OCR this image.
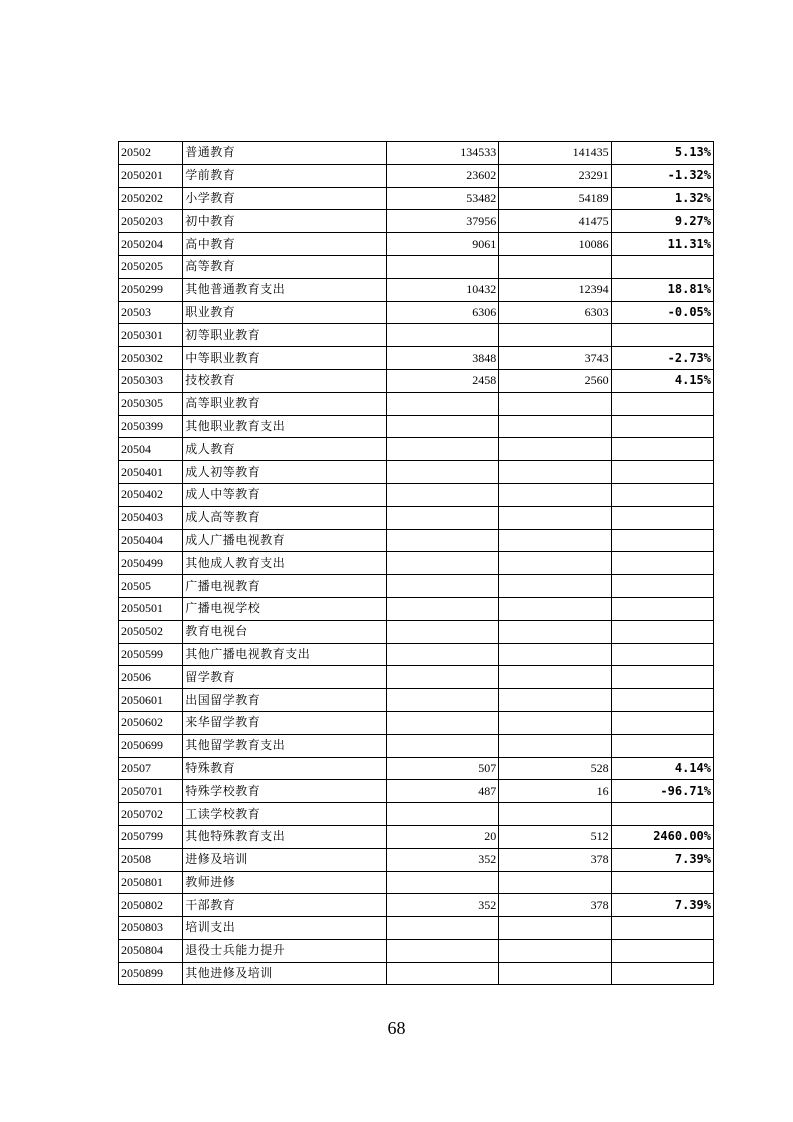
20502	普通教育	134533	141435	5.13%
2050201	学前教育	23602	23291	-1.32%
2050202	小学教育	53482	54189	1.32%
2050203	初中教育	37956	41475	9.27%
2050204	高中教育	9061	10086	11.31%
2050205	高等教育			
2050299	其他普通教育支出	10432	12394	18.81%
20503	职业教育	6306	6303	-0.05%
2050301	初等职业教育			
2050302	中等职业教育	3848	3743	-2.73%
2050303	技校教育	2458	2560	4.15%
2050305	高等职业教育			
2050399	其他职业教育支出			
20504	成人教育			
2050401	成人初等教育			
2050402	成人中等教育			
2050403	成人高等教育			
2050404	成人广播电视教育			
2050499	其他成人教育支出			
20505	广播电视教育			
2050501	广播电视学校			
2050502	教育电视台			
2050599	其他广播电视教育支出			
20506	留学教育			
2050601	出国留学教育			
2050602	来华留学教育			
2050699	其他留学教育支出			
20507	特殊教育	507	528	4.14%
2050701	特殊学校教育	487	16	-96.71%
2050702	工读学校教育			
2050799	其他特殊教育支出	20	512	2460.00%
20508	进修及培训	352	378	7.39%
2050801	教师进修			
2050802	干部教育	352	378	7.39%
2050803	培训支出			
2050804	退役士兵能力提升			
2050899	其他进修及培训			
68
